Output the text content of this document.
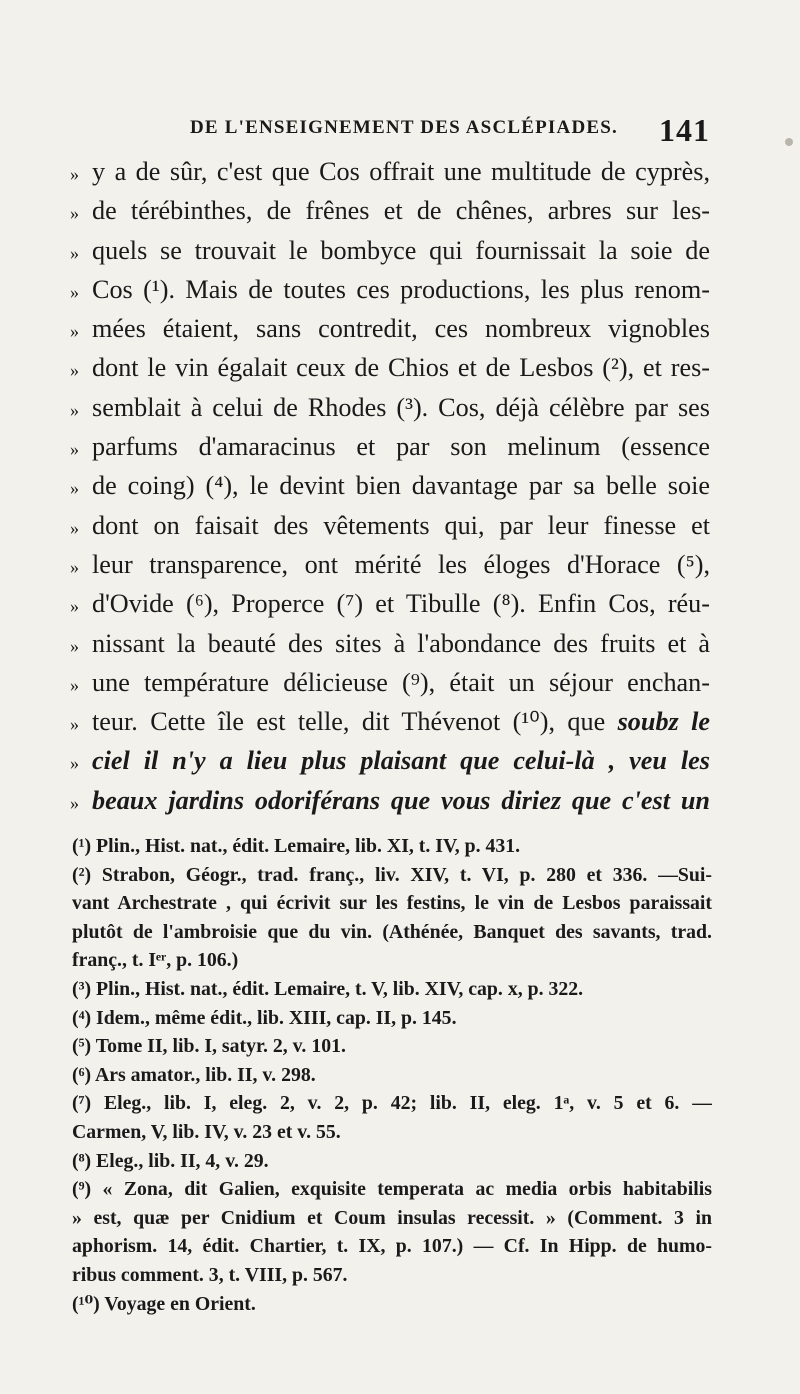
DE L'ENSEIGNEMENT DES ASCLÉPIADES. 141
» y a de sûr, c'est que Cos offrait une multitude de cyprès,
» de térébinthes, de frênes et de chênes, arbres sur les-
» quels se trouvait le bombyce qui fournissait la soie de
» Cos (¹). Mais de toutes ces productions, les plus renom-
» mées étaient, sans contredit, ces nombreux vignobles
» dont le vin égalait ceux de Chios et de Lesbos (²), et res-
» semblait à celui de Rhodes (³). Cos, déjà célèbre par ses
» parfums d'amaracinus et par son melinum (essence
» de coing) (⁴), le devint bien davantage par sa belle soie
» dont on faisait des vêtements qui, par leur finesse et
» leur transparence, ont mérité les éloges d'Horace (⁵),
» d'Ovide (⁶), Properce (⁷) et Tibulle (⁸). Enfin Cos, réu-
» nissant la beauté des sites à l'abondance des fruits et à
» une température délicieuse (⁹), était un séjour enchan-
» teur. Cette île est telle, dit Thévenot (¹⁰), que soubz le
» ciel il n'y a lieu plus plaisant que celui-là , veu les
» beaux jardins odoriférans que vous diriez que c'est un
(¹) Plin., Hist. nat., édit. Lemaire, lib. XI, t. IV, p. 431.
(²) Strabon, Géogr., trad. franç., liv. XIV, t. VI, p. 280 et 336. —Sui-
vant Archestrate , qui écrivit sur les festins, le vin de Lesbos paraissait
plutôt de l'ambroisie que du vin. (Athénée, Banquet des savants, trad.
franç., t. Iᵉʳ, p. 106.)
(³) Plin., Hist. nat., édit. Lemaire, t. V, lib. XIV, cap. x, p. 322.
(⁴) Idem., même édit., lib. XIII, cap. II, p. 145.
(⁵) Tome II, lib. I, satyr. 2, v. 101.
(⁶) Ars amator., lib. II, v. 298.
(⁷) Eleg., lib. I, eleg. 2, v. 2, p. 42; lib. II, eleg. 1ᵃ, v. 5 et 6. —
Carmen, V, lib. IV, v. 23 et v. 55.
(⁸) Eleg., lib. II, 4, v. 29.
(⁹) « Zona, dit Galien, exquisite temperata ac media orbis habitabilis
» est, quæ per Cnidium et Coum insulas recessit. » (Comment. 3 in
aphorism. 14, édit. Chartier, t. IX, p. 107.) — Cf. In Hipp. de humo-
ribus comment. 3, t. VIII, p. 567.
(¹⁰) Voyage en Orient.
